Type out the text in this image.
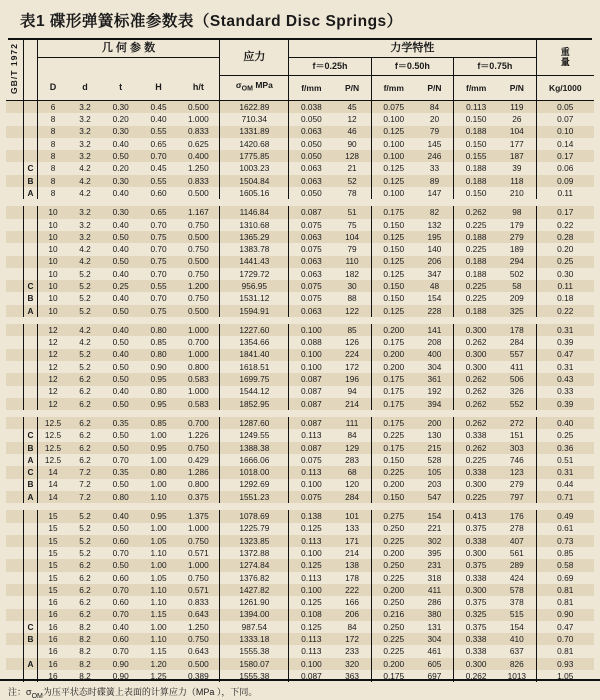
表1 碟形弹簧标准参数表（Standard Disc Springs）
GB/T 1972		几 何 参 数					应力	力学特性						重
量

								f＝0.25h		f＝0.50h		f＝0.75h		
		D	d	t	H	h/t	$\sigma_{OM}$ MPa	f/mm	P/N	f/mm	P/N	f/mm	P/N	Kg/1000
		6	3.2	0.30	0.45	0.500	1622.89	0.038	45	0.075	84	0.113	119	0.05
		8	3.2	0.20	0.40	1.000	710.34	0.050	12	0.100	20	0.150	26	0.07
		8	3.2	0.30	0.55	0.833	1331.89	0.063	46	0.125	79	0.188	104	0.10
		8	3.2	0.40	0.65	0.625	1420.68	0.050	90	0.100	145	0.150	177	0.14
		8	3.2	0.50	0.70	0.400	1775.85	0.050	128	0.100	246	0.155	187	0.17
	C	8	4.2	0.20	0.45	1.250	1003.23	0.063	21	0.125	33	0.188	39	0.06
	B	8	4.2	0.30	0.55	0.833	1504.84	0.063	52	0.125	89	0.188	118	0.09
	A	8	4.2	0.40	0.60	0.500	1605.16	0.050	78	0.100	147	0.150	210	0.11

		10	3.2	0.30	0.65	1.167	1146.84	0.087	51	0.175	82	0.262	98	0.17
		10	3.2	0.40	0.70	0.750	1310.68	0.075	75	0.150	132	0.225	179	0.22
		10	3.2	0.50	0.75	0.500	1365.29	0.063	104	0.125	195	0.188	279	0.28
		10	4.2	0.40	0.70	0.750	1383.78	0.075	79	0.150	140	0.225	189	0.20
		10	4.2	0.50	0.75	0.500	1441.43	0.063	110	0.125	206	0.188	294	0.25
		10	5.2	0.40	0.70	0.750	1729.72	0.063	182	0.125	347	0.188	502	0.30
	C	10	5.2	0.25	0.55	1.200	956.95	0.075	30	0.150	48	0.225	58	0.11
	B	10	5.2	0.40	0.70	0.750	1531.12	0.075	88	0.150	154	0.225	209	0.18
	A	10	5.2	0.50	0.75	0.500	1594.91	0.063	122	0.125	228	0.188	325	0.22

		12	4.2	0.40	0.80	1.000	1227.60	0.100	85	0.200	141	0.300	178	0.31
		12	4.2	0.50	0.85	0.700	1354.66	0.088	126	0.175	208	0.262	284	0.39
		12	5.2	0.40	0.80	1.000	1841.40	0.100	224	0.200	400	0.300	557	0.47
		12	5.2	0.50	0.90	0.800	1618.51	0.100	172	0.200	304	0.300	411	0.31
		12	6.2	0.50	0.95	0.583	1699.75	0.087	196	0.175	361	0.262	506	0.43
		12	6.2	0.40	0.80	1.000	1544.12	0.087	94	0.175	192	0.262	326	0.33
		12	6.2	0.50	0.95	0.583	1852.95	0.087	214	0.175	394	0.262	552	0.39

		12.5	6.2	0.35	0.85	0.700	1287.60	0.087	111	0.175	200	0.262	272	0.40
	C	12.5	6.2	0.50	1.00	1.226	1249.55	0.113	84	0.225	130	0.338	151	0.25
	B	12.5	6.2	0.50	0.95	0.750	1388.38	0.087	129	0.175	215	0.262	303	0.36
	A	12.5	6.2	0.70	1.00	0.429	1666.06	0.075	283	0.150	528	0.225	746	0.51
	C	14	7.2	0.35	0.80	1.286	1018.00	0.113	68	0.225	105	0.338	123	0.31
	B	14	7.2	0.50	1.00	0.800	1292.69	0.100	120	0.200	203	0.300	279	0.44
	A	14	7.2	0.80	1.10	0.375	1551.23	0.075	284	0.150	547	0.225	797	0.71

		15	5.2	0.40	0.95	1.375	1078.69	0.138	101	0.275	154	0.413	176	0.49
		15	5.2	0.50	1.00	1.000	1225.79	0.125	133	0.250	221	0.375	278	0.61
		15	5.2	0.60	1.05	0.750	1323.85	0.113	171	0.225	302	0.338	407	0.73
		15	5.2	0.70	1.10	0.571	1372.88	0.100	214	0.200	395	0.300	561	0.85
		15	6.2	0.50	1.00	1.000	1274.84	0.125	138	0.250	231	0.375	289	0.58
		15	6.2	0.60	1.05	0.750	1376.82	0.113	178	0.225	318	0.338	424	0.69
		15	6.2	0.70	1.10	0.571	1427.82	0.100	222	0.200	411	0.300	578	0.81
		16	6.2	0.60	1.10	0.833	1261.90	0.125	166	0.250	286	0.375	378	0.81
		16	6.2	0.70	1.15	0.643	1394.00	0.108	206	0.216	380	0.325	515	0.90
	C	16	8.2	0.40	1.00	1.250	987.54	0.125	84	0.250	131	0.375	154	0.47
	B	16	8.2	0.60	1.10	0.750	1333.18	0.113	172	0.225	304	0.338	410	0.70
		16	8.2	0.70	1.15	0.643	1555.38	0.113	233	0.225	461	0.338	637	0.81
	A	16	8.2	0.90	1.20	0.500	1580.07	0.100	320	0.200	605	0.300	826	0.93
		16	8.2	0.90	1.25	0.389	1555.38	0.087	363	0.175	697	0.262	1013	1.05
注：$\sigma_{OM}$为压平状态时碟簧上表面的计算应力（MPa ），下同。
